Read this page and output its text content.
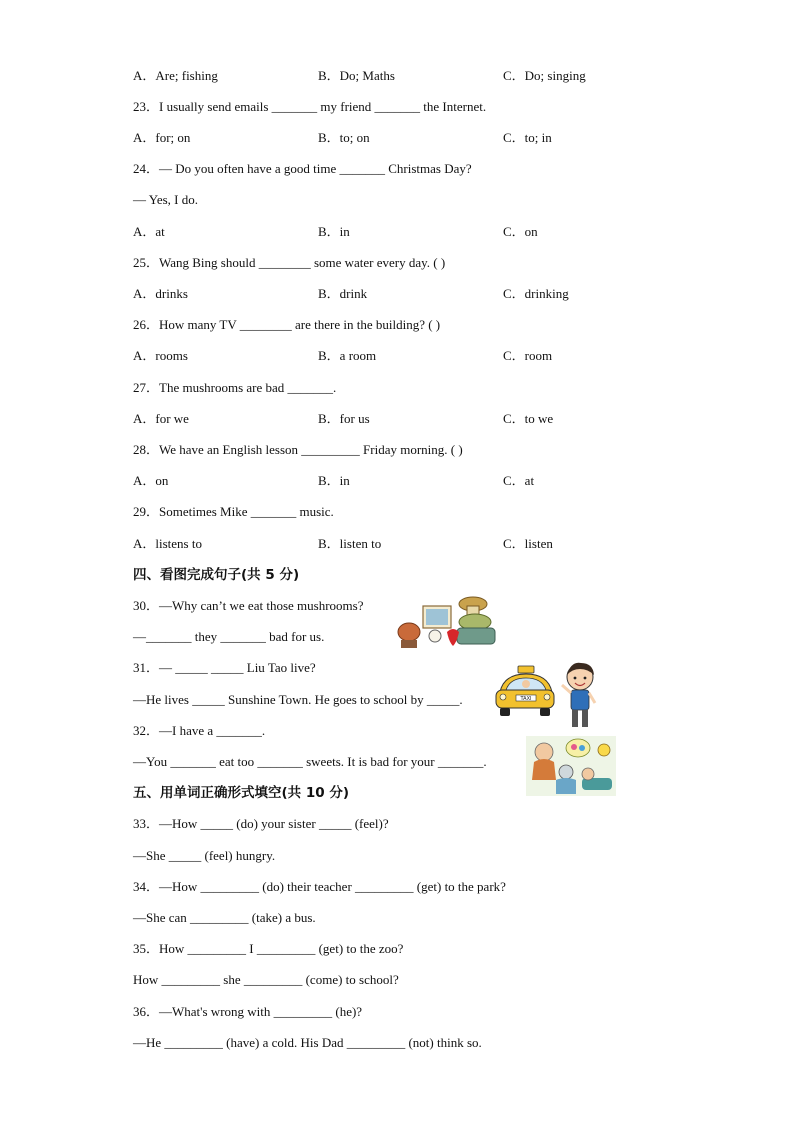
A．Are; fishing	B．Do; Maths	C．Do; singing
23．I usually send emails _______ my friend _______ the Internet.
A．for; on	B．to; on	C．to; in
24．— Do you often have a good time _______ Christmas Day?
— Yes, I do.
A．at	B．in	C．on
25．Wang Bing should ________ some water every day. ( )
A．drinks	B．drink	C．drinking
26．How many TV ________ are there in the building? ( )
A．rooms	B．a room	C．room
27．The mushrooms are bad _______.
A．for we	B．for us	C．to we
28．We have an English lesson _________ Friday morning. ( )
A．on	B．in	C．at
29．Sometimes Mike _______ music.
A．listens to	B．listen to	C．listen
四、看图完成句子(共 5 分)
30．—Why can’t we eat those mushrooms?
—_______ they _______ bad for us.
31．— _____ _____ Liu Tao live?
—He lives _____ Sunshine Town. He goes to school by _____.	TAXI
32．—I have a _______.
—You _______ eat too _______ sweets. It is bad for your _______.
五、用单词正确形式填空(共 10 分)
33．—How _____ (do) your sister _____ (feel)?
—She _____ (feel) hungry.
34．—How _________ (do) their teacher _________ (get) to the park?
—She can _________ (take) a bus.
35．How _________ I _________ (get) to the zoo?
How _________ she _________ (come) to school?
36．—What's wrong with _________ (he)?
—He _________ (have) a cold. His Dad _________ (not) think so.
